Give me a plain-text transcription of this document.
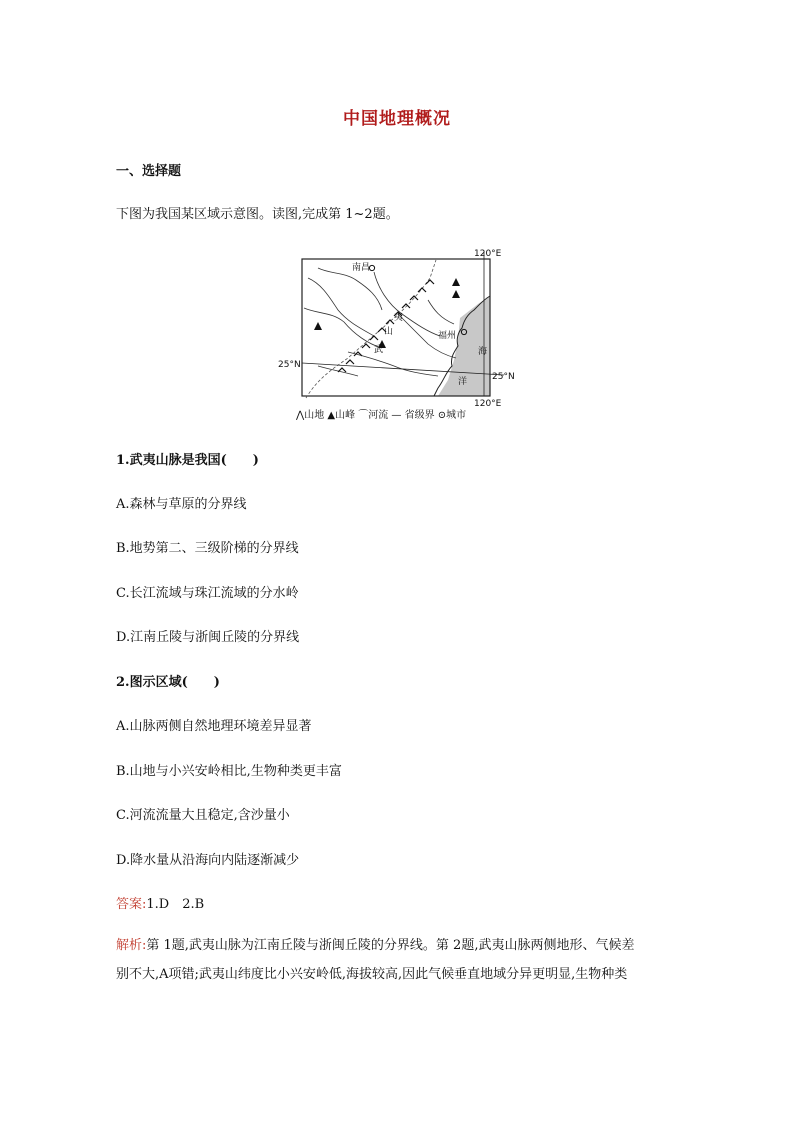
中国地理概况
一、选择题
下图为我国某区域示意图。读图,完成第 1~2题。
120°E
120°E
25°N
25°N
南昌
福州
海
洋
武
夷
山
⋀山地 ▲山峰 ⌒河流 — 省级界 ⊙城市
1.武夷山脉是我国(　　)
A.森林与草原的分界线
B.地势第二、三级阶梯的分界线
C.长江流域与珠江流域的分水岭
D.江南丘陵与浙闽丘陵的分界线
2.图示区域(　　)
A.山脉两侧自然地理环境差异显著
B.山地与小兴安岭相比,生物种类更丰富
C.河流流量大且稳定,含沙量小
D.降水量从沿海向内陆逐渐减少
答案:1.D　2.B
解析:第 1题,武夷山脉为江南丘陵与浙闽丘陵的分界线。第 2题,武夷山脉两侧地形、气候差
别不大,A项错;武夷山纬度比小兴安岭低,海拔较高,因此气候垂直地域分异更明显,生物种类
